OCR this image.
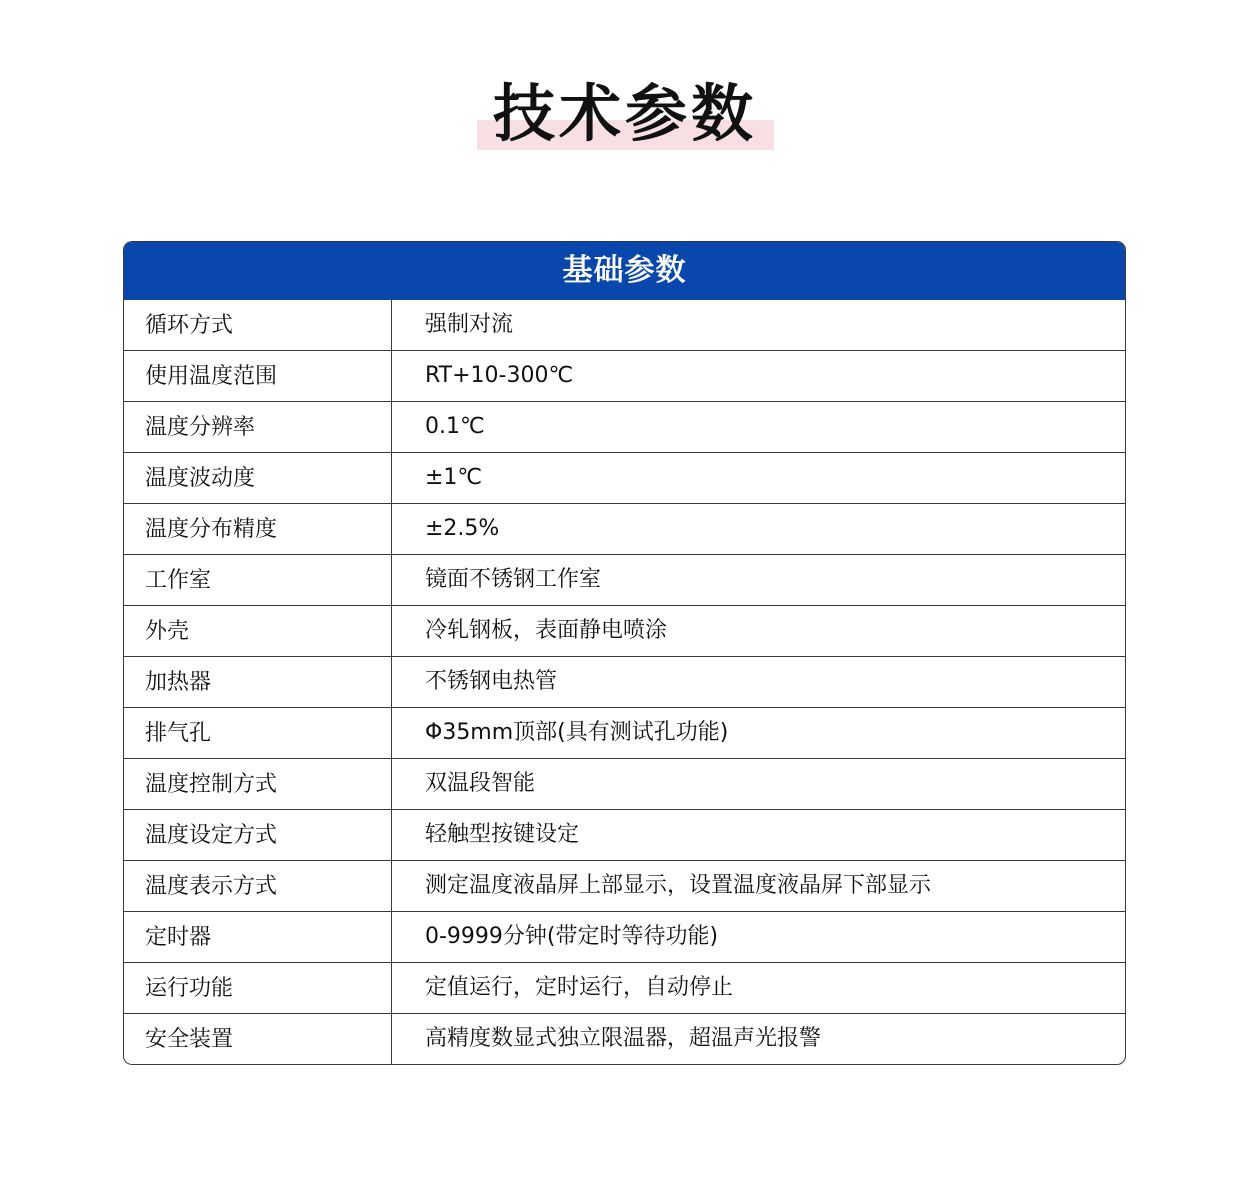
技术参数
基础参数
循环方式	强制对流
使用温度范围	RT+10-300℃
温度分辨率	0.1℃
温度波动度	±1℃
温度分布精度	±2.5%
工作室	镜面不锈钢工作室
外壳	冷轧钢板，表面静电喷涂
加热器	不锈钢电热管
排气孔	Φ35mm顶部(具有测试孔功能)
温度控制方式	双温段智能
温度设定方式	轻触型按键设定
温度表示方式	测定温度液晶屏上部显示，设置温度液晶屏下部显示
定时器	0-9999分钟(带定时等待功能)
运行功能	定值运行，定时运行，自动停止
安全装置	高精度数显式独立限温器，超温声光报警
